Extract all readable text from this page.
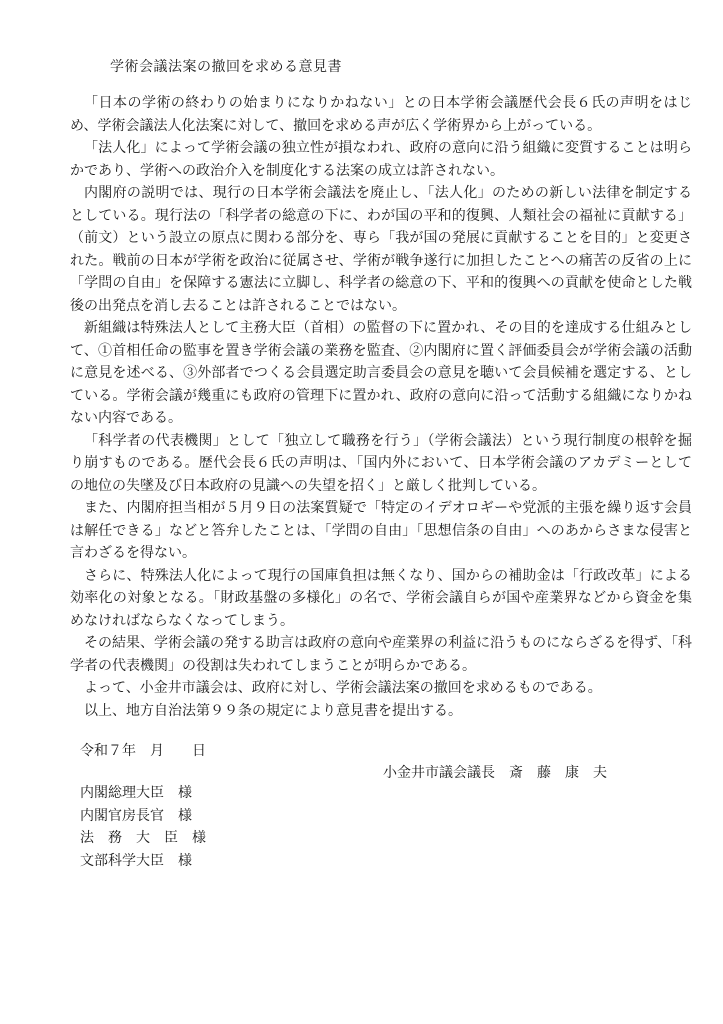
学術会議法案の撤回を求める意見書

「日本の学術の終わりの始まりになりかねない」との日本学術会議歴代会長６氏の声明をはじめ、学術会議法人化法案に対して、撤回を求める声が広く学術界から上がっている。

「法人化」によって学術会議の独立性が損なわれ、政府の意向に沿う組織に変質することは明らかであり、学術への政治介入を制度化する法案の成立は許されない。

内閣府の説明では、現行の日本学術会議法を廃止し、「法人化」のための新しい法律を制定するとしている。現行法の「科学者の総意の下に、わが国の平和的復興、人類社会の福祉に貢献する」（前文）という設立の原点に関わる部分を、専ら「我が国の発展に貢献することを目的」と変更された。戦前の日本が学術を政治に従属させ、学術が戦争遂行に加担したことへの痛苦の反省の上に「学問の自由」を保障する憲法に立脚し、科学者の総意の下、平和的復興への貢献を使命とした戦後の出発点を消し去ることは許されることではない。

新組織は特殊法人として主務大臣（首相）の監督の下に置かれ、その目的を達成する仕組みとして、①首相任命の監事を置き学術会議の業務を監査、②内閣府に置く評価委員会が学術会議の活動に意見を述べる、③外部者でつくる会員選定助言委員会の意見を聴いて会員候補を選定する、としている。学術会議が幾重にも政府の管理下に置かれ、政府の意向に沿って活動する組織になりかねない内容である。

「科学者の代表機関」として「独立して職務を行う」（学術会議法）という現行制度の根幹を掘り崩すものである。歴代会長６氏の声明は、「国内外において、日本学術会議のアカデミーとしての地位の失墜及び日本政府の見識への失望を招く」と厳しく批判している。

また、内閣府担当相が５月９日の法案質疑で「特定のイデオロギーや党派的主張を繰り返す会員は解任できる」などと答弁したことは、「学問の自由」「思想信条の自由」へのあからさまな侵害と言わざるを得ない。

さらに、特殊法人化によって現行の国庫負担は無くなり、国からの補助金は「行政改革」による効率化の対象となる。「財政基盤の多様化」の名で、学術会議自らが国や産業界などから資金を集めなければならなくなってしまう。

その結果、学術会議の発する助言は政府の意向や産業界の利益に沿うものにならざるを得ず、「科学者の代表機関」の役割は失われてしまうことが明らかである。

よって、小金井市議会は、政府に対し、学術会議法案の撤回を求めるものである。

以上、地方自治法第９９条の規定により意見書を提出する。

令和７年　月　　日
小金井市議会議長　斎　藤　康　夫
内閣総理大臣　様
内閣官房長官　様
法　務　大　臣　様
文部科学大臣　様
